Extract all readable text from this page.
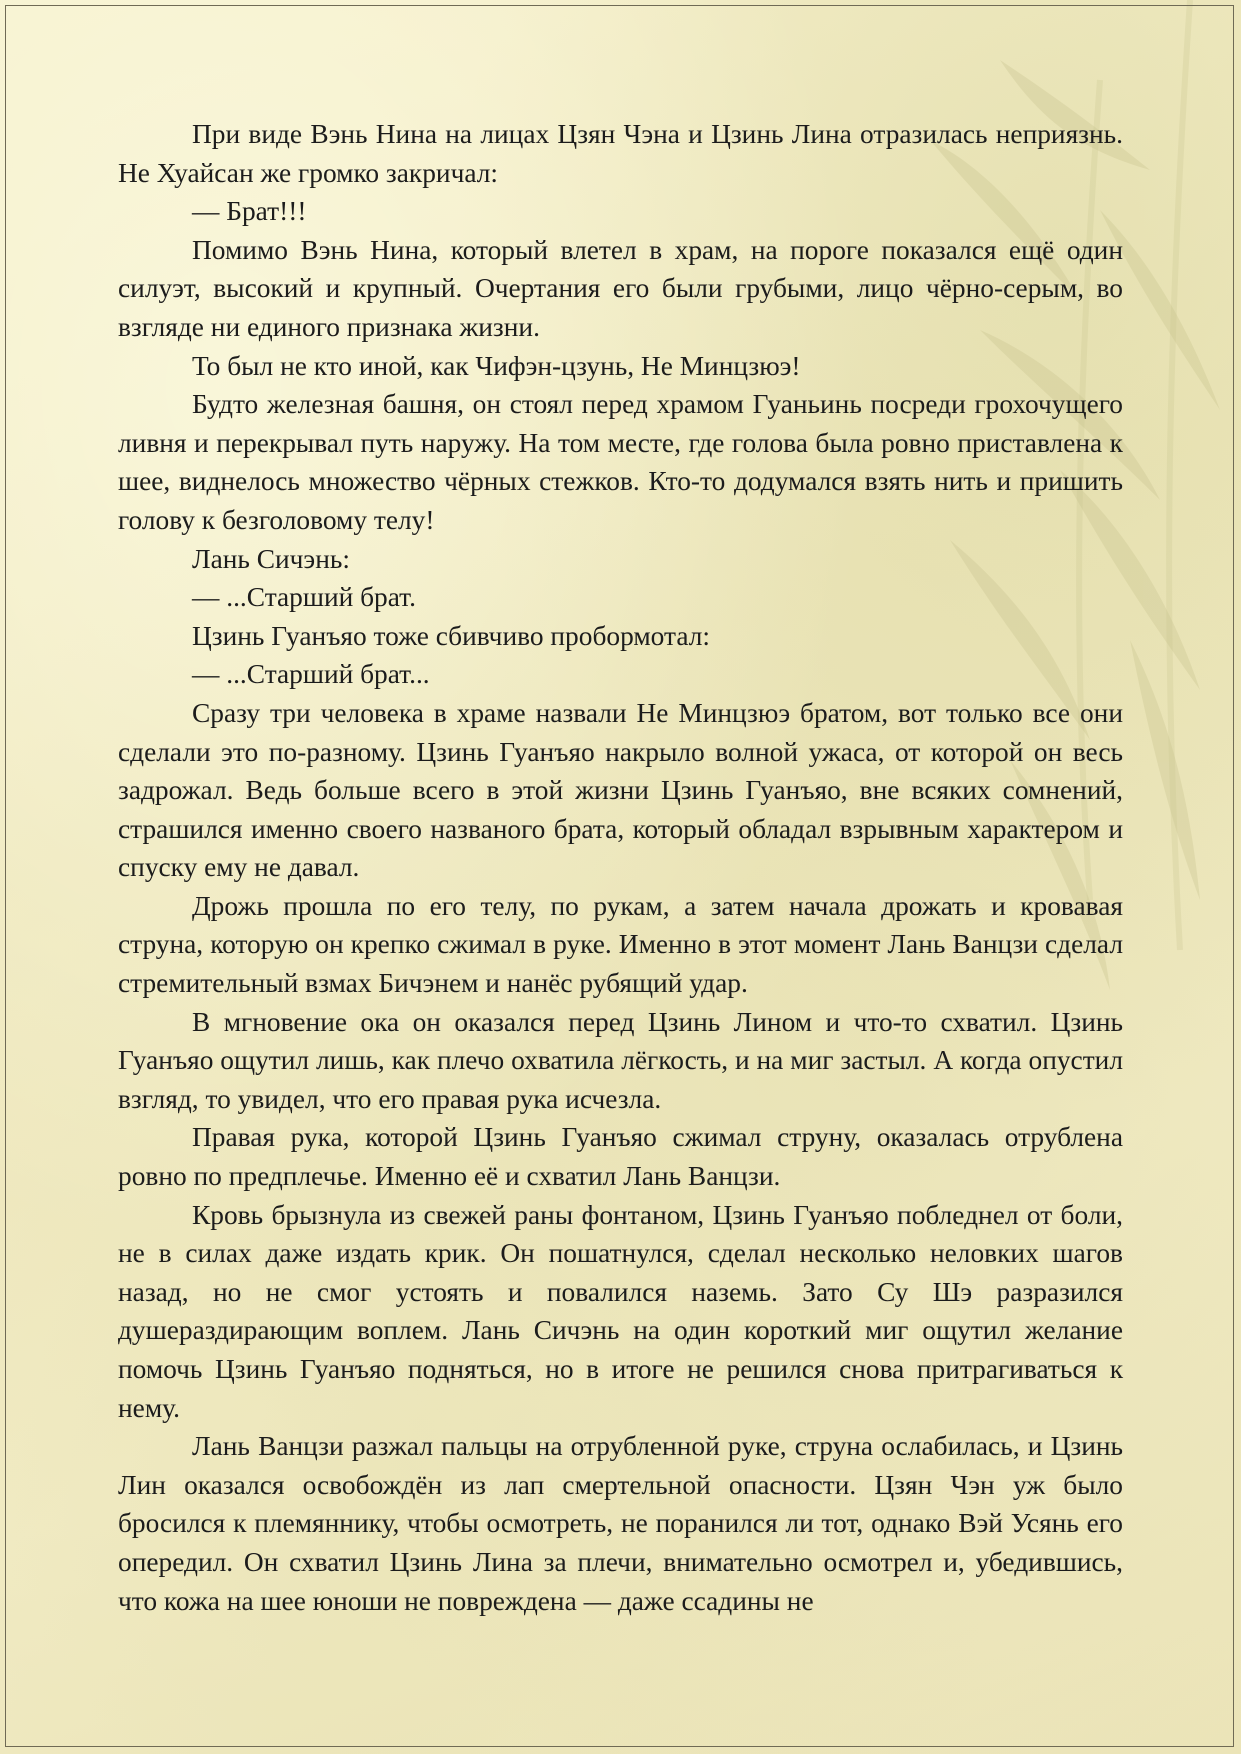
При виде Вэнь Нина на лицах Цзян Чэна и Цзинь Лина отразилась неприязнь. Не Хуайсан же громко закричал:

— Брат!!!

Помимо Вэнь Нина, который влетел в храм, на пороге показался ещё один силуэт, высокий и крупный. Очертания его были грубыми, лицо чёрно-серым, во взгляде ни единого признака жизни.

То был не кто иной, как Чифэн-цзунь, Не Минцзюэ!

Будто железная башня, он стоял перед храмом Гуаньинь посреди грохочущего ливня и перекрывал путь наружу. На том месте, где голова была ровно приставлена к шее, виднелось множество чёрных стежков. Кто-то додумался взять нить и пришить голову к безголовому телу!

Лань Сичэнь:

— ...Старший брат.

Цзинь Гуанъяо тоже сбивчиво пробормотал:

— ...Старший брат...

Сразу три человека в храме назвали Не Минцзюэ братом, вот только все они сделали это по-разному. Цзинь Гуанъяо накрыло волной ужаса, от которой он весь задрожал. Ведь больше всего в этой жизни Цзинь Гуанъяо, вне всяких сомнений, страшился именно своего названого брата, который обладал взрывным характером и спуску ему не давал.

Дрожь прошла по его телу, по рукам, а затем начала дрожать и кровавая струна, которую он крепко сжимал в руке. Именно в этот момент Лань Ванцзи сделал стремительный взмах Бичэнем и нанёс рубящий удар.

В мгновение ока он оказался перед Цзинь Лином и что-то схватил. Цзинь Гуанъяо ощутил лишь, как плечо охватила лёгкость, и на миг застыл. А когда опустил взгляд, то увидел, что его правая рука исчезла.

Правая рука, которой Цзинь Гуанъяо сжимал струну, оказалась отрублена ровно по предплечье. Именно её и схватил Лань Ванцзи.

Кровь брызнула из свежей раны фонтаном, Цзинь Гуанъяо побледнел от боли, не в силах даже издать крик. Он пошатнулся, сделал несколько неловких шагов назад, но не смог устоять и повалился наземь. Зато Су Шэ разразился душераздирающим воплем. Лань Сичэнь на один короткий миг ощутил желание помочь Цзинь Гуанъяо подняться, но в итоге не решился снова притрагиваться к нему.

Лань Ванцзи разжал пальцы на отрубленной руке, струна ослабилась, и Цзинь Лин оказался освобождён из лап смертельной опасности. Цзян Чэн уж было бросился к племяннику, чтобы осмотреть, не поранился ли тот, однако Вэй Усянь его опередил. Он схватил Цзинь Лина за плечи, внимательно осмотрел и, убедившись, что кожа на шее юноши не повреждена — даже ссадины не
